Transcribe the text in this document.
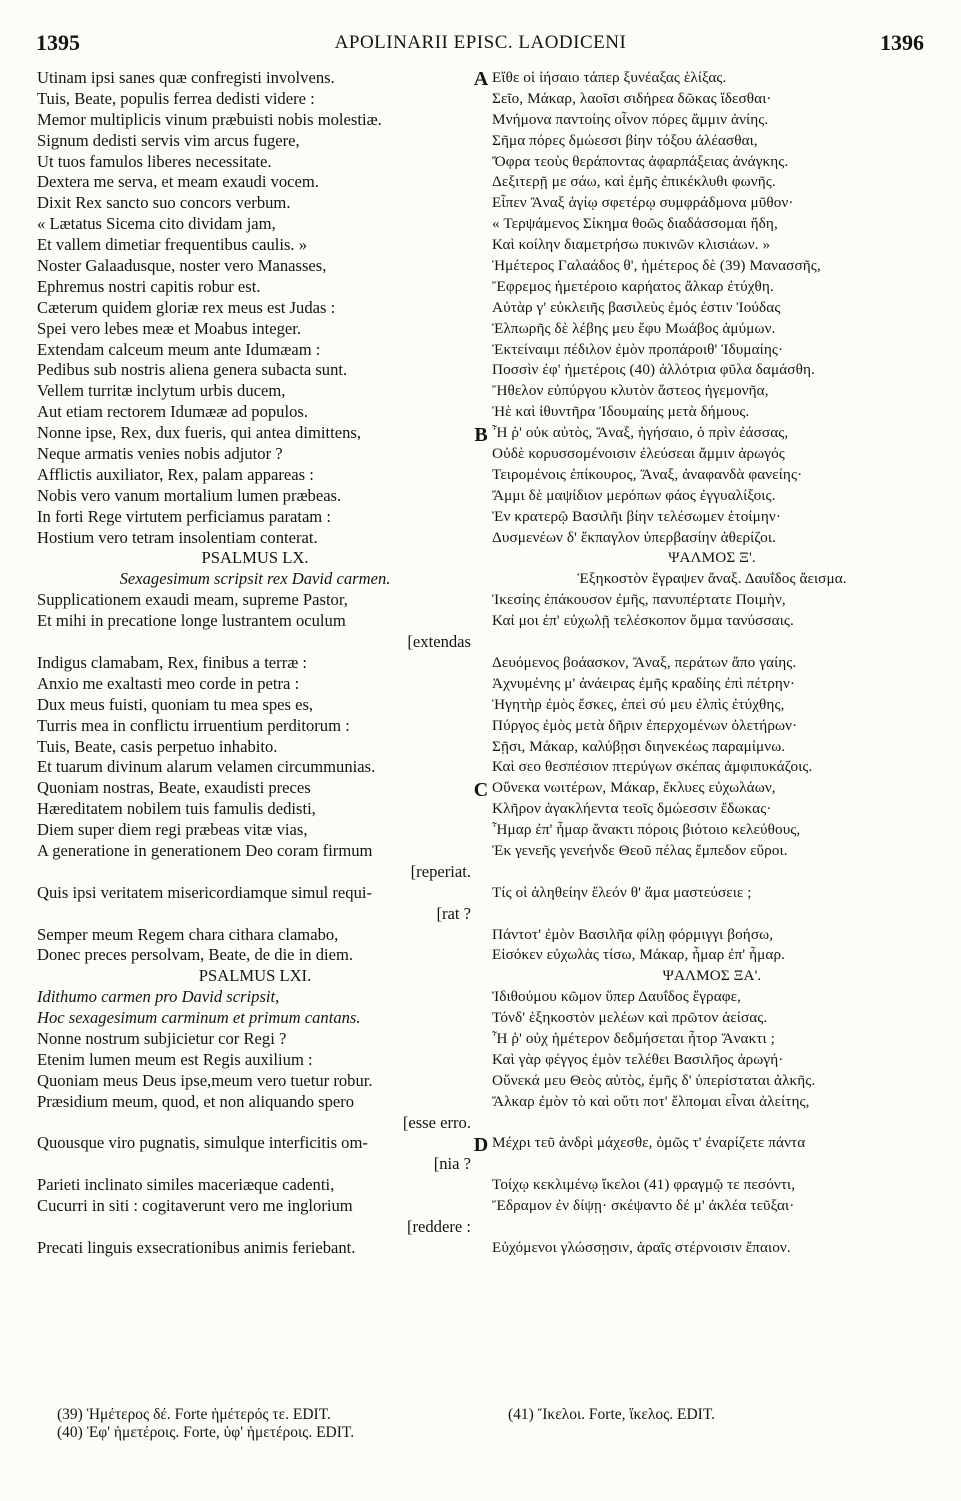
1395	APOLINARII EPISC. LAODICENI	1396
Utinam ipsi sanes quæ confregisti involvens.
Tuis, Beate, populis ferrea dedisti videre :
Memor multiplicis vinum præbuisti nobis molestiæ.
Signum dedisti servis vim arcus fugere,
Ut tuos famulos liberes necessitate.
Dextera me serva, et meam exaudi vocem.
Dixit Rex sancto suo concors verbum.
« Lætatus Sicema cito dividam jam,
Et vallem dimetiar frequentibus caulis. »
Noster Galaadusque, noster vero Manasses,
Ephremus nostri capitis robur est.
Cæterum quidem gloriæ rex meus est Judas :
Spei vero lebes meæ et Moabus integer.
Extendam calceum meum ante Idumæam :
Pedibus sub nostris aliena genera subacta sunt.
Vellem turritæ inclytum urbis ducem,
Aut etiam rectorem Idumææ ad populos.
Nonne ipse, Rex, dux fueris, qui antea dimittens,
Neque armatis venies nobis adjutor ?
Afflictis auxiliator, Rex, palam appareas :
Nobis vero vanum mortalium lumen præbeas.
In forti Rege virtutem perficiamus paratam :
Hostium vero tetram insolentiam conterat.
PSALMUS LX.
Sexagesimum scripsit rex David carmen.
Supplicationem exaudi meam, supreme Pastor,
Et mihi in precatione longe lustrantem oculum
[extendas
Indigus clamabam, Rex, finibus a terræ :
Anxio me exaltasti meo corde in petra :
Dux meus fuisti, quoniam tu mea spes es,
Turris mea in conflictu irruentium perditorum :
Tuis, Beate, casis perpetuo inhabito.
Et tuarum divinum alarum velamen circummunias.
Quoniam nostras, Beate, exaudisti preces
Hæreditatem nobilem tuis famulis dedisti,
Diem super diem regi præbeas vitæ vias,
A generatione in generationem Deo coram firmum
[reperiat.
Quis ipsi veritatem misericordiamque simul requi-
[rat ?
Semper meum Regem chara cithara clamabo,
Donec preces persolvam, Beate, de die in diem.
PSALMUS LXI.
Idithumo carmen pro David scripsit,
Hoc sexagesimum carminum et primum cantans.
Nonne nostrum subjicietur cor Regi ?
Etenim lumen meum est Regis auxilium :
Quoniam meus Deus ipse,meum vero tuetur robur.
Præsidium meum, quod, et non aliquando spero
[esse erro.
Quousque viro pugnatis, simulque interficitis om-
[nia ?
Parieti inclinato similes maceriæque cadenti,
Cucurri in siti : cogitaverunt vero me inglorium
[reddere :
Precati linguis exsecrationibus animis feriebant.
Εἴθε οἱ ἰήσαιο τάπερ ξυνέαξας ἑλίξας.
Σεῖο, Μάκαρ, λαοῖσι σιδήρεα δῶκας ἴδεσθαι·
Μνήμονα παντοίης οἶνον πόρες ἄμμιν ἀνίης.
Σῆμα πόρες δμώεσσι βίην τόξου ἀλέασθαι,
Ὄφρα τεοὺς θεράποντας ἀφαρπάξειας ἀνάγκης.
Δεξιτερῇ με σάω, καὶ ἐμῆς ἐπικέκλυθι φωνῆς.
Εἶπεν Ἄναξ ἁγίῳ σφετέρῳ συμφράδμονα μῦθον·
« Τερψάμενος Σίκημα θοῶς διαδάσσομαι ἤδη,
Καὶ κοίλην διαμετρήσω πυκινῶν κλισιάων. »
Ἡμέτερος Γαλαάδος θ', ἡμέτερος δὲ (39) Μανασσῆς,
Ἔφρεμος ἡμετέροιο καρήατος ἄλκαρ ἐτύχθη.
Αὐτὰρ γ' εὐκλειῆς βασιλεὺς ἐμός ἐστιν Ἰούδας
Ἐλπωρῆς δὲ λέβης μευ ἔφυ Μωάβος ἀμύμων.
Ἐκτείναιμι πέδιλον ἐμὸν προπάροιθ' Ἰδυμαίης·
Ποσσὶν ἐφ' ἡμετέροις (40) ἀλλότρια φῦλα δαμάσθη.
Ἤθελον εὐπύργου κλυτὸν ἄστεος ἡγεμονῆα,
Ἠὲ καὶ ἰθυντῆρα Ἰδουμαίης μετὰ δήμους.
Ἦ ῥ' οὐκ αὐτὸς, Ἄναξ, ἡγήσαιο, ὁ πρὶν ἐάσσας,
Οὐδὲ κορυσσομένοισιν ἐλεύσεαι ἄμμιν ἀρωγός
Τειρομένοις ἐπίκουρος, Ἄναξ, ἀναφανδὰ φανείης·
Ἄμμι δὲ μαψίδιον μερόπων φάος ἐγγυαλίξοις.
Ἐν κρατερῷ Βασιλῆι βίην τελέσωμεν ἑτοίμην·
Δυσμενέων δ' ἔκπαγλον ὑπερβασίην ἀθερίζοι.
ΨΑΛΜΟΣ Ξ'.
Ἑξηκοστὸν ἔγραψεν ἄναξ. Δαυΐδος ἄεισμα.
Ἱκεσίης ἐπάκουσον ἐμῆς, πανυπέρτατε Ποιμὴν,
Καί μοι ἐπ' εὐχωλῇ τελέσκοπον ὄμμα τανύσσαις.
Δευόμενος βοάασκον, Ἄναξ, περάτων ἄπο γαίης.
Ἀχνυμένης μ' ἀνάειρας ἐμῆς κραδίης ἐπὶ πέτρην·
Ἡγητὴρ ἐμὸς ἔσκες, ἐπεὶ σύ μευ ἐλπὶς ἐτύχθης,
Πύργος ἐμὸς μετὰ δῆριν ἐπερχομένων ὀλετήρων·
Σῇσι, Μάκαρ, καλύβῃσι διηνεκέως παραμίμνω.
Καὶ σεο θεσπέσιον πτερύγων σκέπας ἀμφιπυκάζοις.
Οὕνεκα νωιτέρων, Μάκαρ, ἔκλυες εὐχωλάων,
Κλῆρον ἀγακλήεντα τεοῖς δμώεσσιν ἔδωκας·
Ἦμαρ ἐπ' ἦμαρ ἄνακτι πόροις βιότοιο κελεύθους,
Ἐκ γενεῆς γενεήνδε Θεοῦ πέλας ἔμπεδον εὕροι.
Τίς οἱ ἀληθείην ἔλεόν θ' ἅμα μαστεύσειε ;
Πάντοτ' ἐμὸν Βασιλῆα φίλῃ φόρμιγγι βοήσω,
Εἰσόκεν εὐχωλὰς τίσω, Μάκαρ, ἦμαρ ἐπ' ἦμαρ.
ΨΑΛΜΟΣ ΞΑ'.
Ἰδιθούμου κῶμον ὕπερ Δαυΐδος ἔγραφε,
Τόνδ' ἑξηκοστὸν μελέων καὶ πρῶτον ἀείσας.
Ἦ ῥ' οὐχ ἡμέτερον δεδμήσεται ἦτορ Ἄνακτι ;
Καὶ γὰρ φέγγος ἐμὸν τελέθει Βασιλῆος ἀρωγή·
Οὕνεκά μευ Θεὸς αὐτὸς, ἐμῆς δ' ὑπερίσταται ἀλκῆς.
Ἄλκαρ ἐμὸν τὸ καὶ οὔτι ποτ' ἔλπομαι εἶναι ἀλείτης,
Μέχρι τεῦ ἀνδρὶ μάχεσθε, ὁμῶς τ' ἐναρίζετε πάντα
Τοίχῳ κεκλιμένῳ ἴκελοι (41) φραγμῷ τε πεσόντι,
Ἔδραμον ἐν δίψῃ· σκέψαντο δέ μ' ἀκλέα τεῦξαι·
Εὐχόμενοι γλώσσῃσιν, ἀραῖς στέρνοισιν ἔπαιον.
A
B
C
D
(39) Ἡμέτερος δέ. Forte ἡμέτερός τε. EDIT.
(40) Ἐφ' ἡμετέροις. Forte, ὑφ' ἡμετέροις. EDIT.
(41) Ἴκελοι. Forte, ἴκελος. EDIT.
